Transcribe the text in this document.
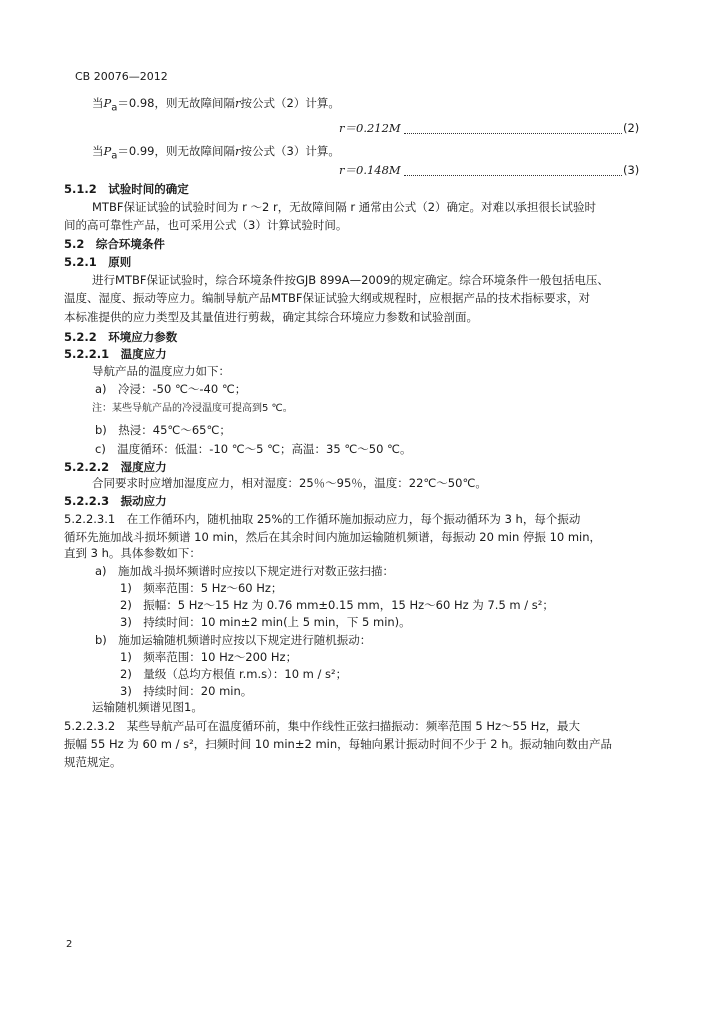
CB 20076—2012
当$P_a=0.98$，则无故障间隔r按公式（2）计算。
r＝0.212M	(2)
当$P_a=0.99$，则无故障间隔r按公式（3）计算。
r＝0.148M	(3)
5.1.2　试验时间的确定
MTBF保证试验的试验时间为 r ～2 r，无故障间隔 r 通常由公式（2）确定。对难以承担很长试验时
间的高可靠性产品，也可采用公式（3）计算试验时间。
5.2　综合环境条件
5.2.1　原则
进行MTBF保证试验时，综合环境条件按GJB 899A—2009的规定确定。综合环境条件一般包括电压、
温度、湿度、振动等应力。编制导航产品MTBF保证试验大纲或规程时，应根据产品的技术指标要求，对
本标准提供的应力类型及其量值进行剪裁，确定其综合环境应力参数和试验剖面。
5.2.2　环境应力参数
5.2.2.1　温度应力
导航产品的温度应力如下：
a)　冷浸：-50 ℃～-40 ℃；
注：某些导航产品的冷浸温度可提高到5 ℃。
b)　热浸：45℃～65℃；
c)　温度循环：低温：-10 ℃～5 ℃；高温：35 ℃～50 ℃。
5.2.2.2　湿度应力
合同要求时应增加湿度应力，相对湿度：25％～95％，温度：22℃～50℃。
5.2.2.3　振动应力
5.2.2.3.1　在工作循环内，随机抽取 25%的工作循环施加振动应力，每个振动循环为 3 h，每个振动
循环先施加战斗损坏频谱 10 min，然后在其余时间内施加运输随机频谱，每振动 20 min 停振 10 min，
直到 3 h。具体参数如下：
a)　施加战斗损坏频谱时应按以下规定进行对数正弦扫描：
1)　频率范围：5 Hz～60 Hz；
2)　振幅：5 Hz～15 Hz 为 0.76 mm±0.15 mm，15 Hz～60 Hz 为 7.5 m / s²；
3)　持续时间：10 min±2 min(上 5 min，下 5 min)。
b)　施加运输随机频谱时应按以下规定进行随机振动：
1)　频率范围：10 Hz～200 Hz；
2)　量级（总均方根值 r.m.s）：10 m / s²；
3)　持续时间：20 min。
运输随机频谱见图1。
5.2.2.3.2　某些导航产品可在温度循环前，集中作线性正弦扫描振动：频率范围 5 Hz～55 Hz，最大
振幅 55 Hz 为 60 m / s²，扫频时间 10 min±2 min，每轴向累计振动时间不少于 2 h。振动轴向数由产品
规范规定。
2
